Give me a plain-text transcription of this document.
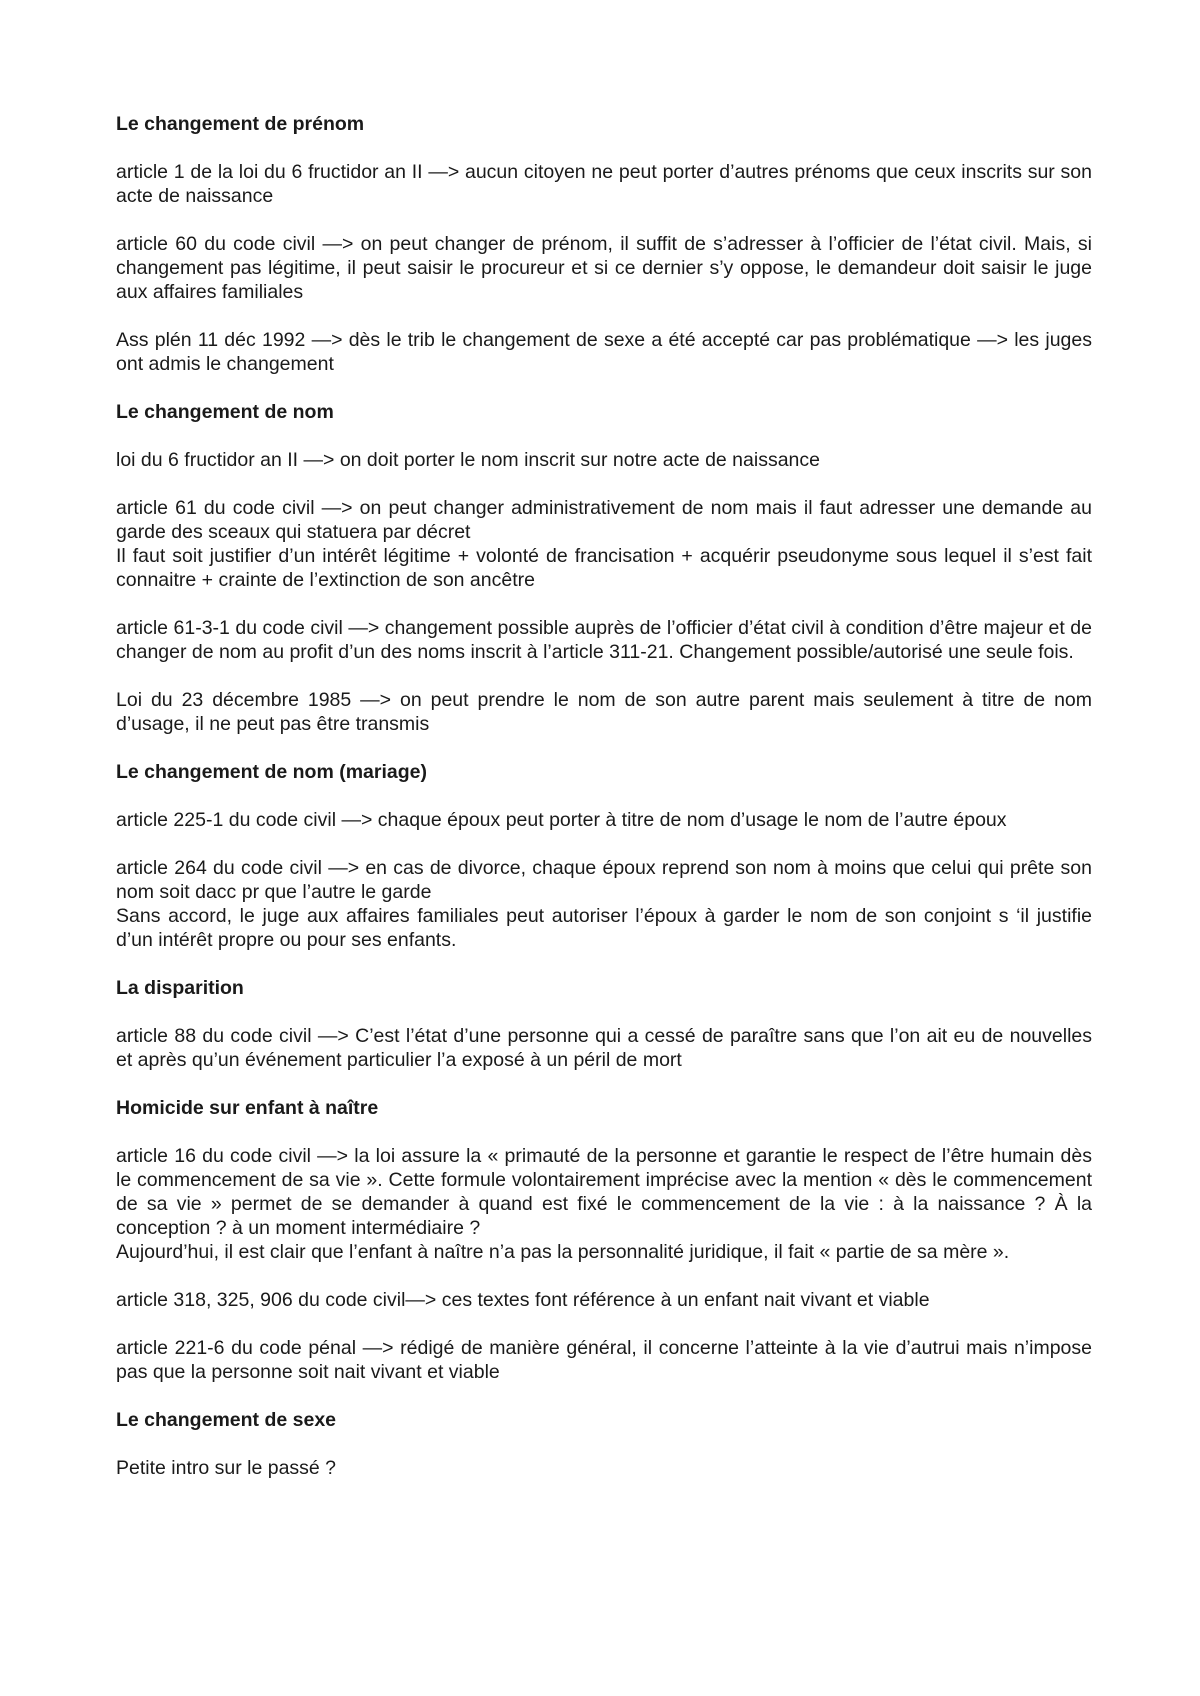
Le changement de prénom

article 1 de la loi du 6 fructidor an II —> aucun citoyen ne peut porter d’autres prénoms que ceux inscrits sur son acte de naissance

article 60 du code civil —> on peut changer de prénom, il suffit de s’adresser à l’officier de l’état civil. Mais, si changement pas légitime, il peut saisir le procureur et si ce dernier s’y oppose, le demandeur doit saisir le juge aux affaires familiales

Ass plén 11 déc 1992 —> dès le trib le changement de sexe a été accepté car pas problématique —> les juges ont admis le changement

Le changement de nom

loi du 6 fructidor an II —> on doit porter le nom inscrit sur notre acte de naissance

article 61 du code civil —> on peut changer administrativement de nom mais il faut adresser une demande au garde des sceaux qui statuera par décret
Il faut soit justifier d’un intérêt légitime + volonté de francisation + acquérir pseudonyme sous lequel il s’est fait connaitre + crainte de l’extinction de son ancêtre

article 61-3-1 du code civil —> changement possible auprès de l’officier d’état civil à condition d’être majeur et de changer de nom au profit d’un des noms inscrit à l’article 311-21. Changement possible/autorisé une seule fois.

Loi du 23 décembre 1985 —> on peut prendre le nom de son autre parent mais seulement à titre de nom d’usage, il ne peut pas être transmis

Le changement de nom (mariage)

article 225-1 du code civil —> chaque époux peut porter à titre de nom d’usage le nom de l’autre époux

article 264 du code civil —> en cas de divorce, chaque époux reprend son nom à moins que celui qui prête son nom soit dacc pr que l’autre le garde
Sans accord, le juge aux affaires familiales peut autoriser l’époux à garder le nom de son conjoint s ‘il justifie d’un intérêt propre ou pour ses enfants.

La disparition

article 88 du code civil —> C’est l’état d’une personne qui a cessé de paraître sans que l’on ait eu de nouvelles et après qu’un événement particulier l’a exposé à un péril de mort

Homicide sur enfant à naître

article 16 du code civil —> la loi assure la « primauté de la personne et garantie le respect de l’être humain dès le commencement de sa vie ». Cette formule volontairement imprécise avec la mention « dès le commencement de sa vie » permet de se demander à quand est fixé le commencement de la vie : à la naissance ? À la conception ? à un moment intermédiaire ?
Aujourd’hui, il est clair que l’enfant à naître n’a pas la personnalité juridique, il fait « partie de sa mère ».

article 318, 325, 906 du code civil—> ces textes font référence à un enfant nait vivant et viable

article 221-6 du code pénal —> rédigé de manière général, il concerne l’atteinte à la vie d’autrui mais n’impose pas que la personne soit nait vivant et viable

Le changement de sexe

Petite intro sur le passé ?
